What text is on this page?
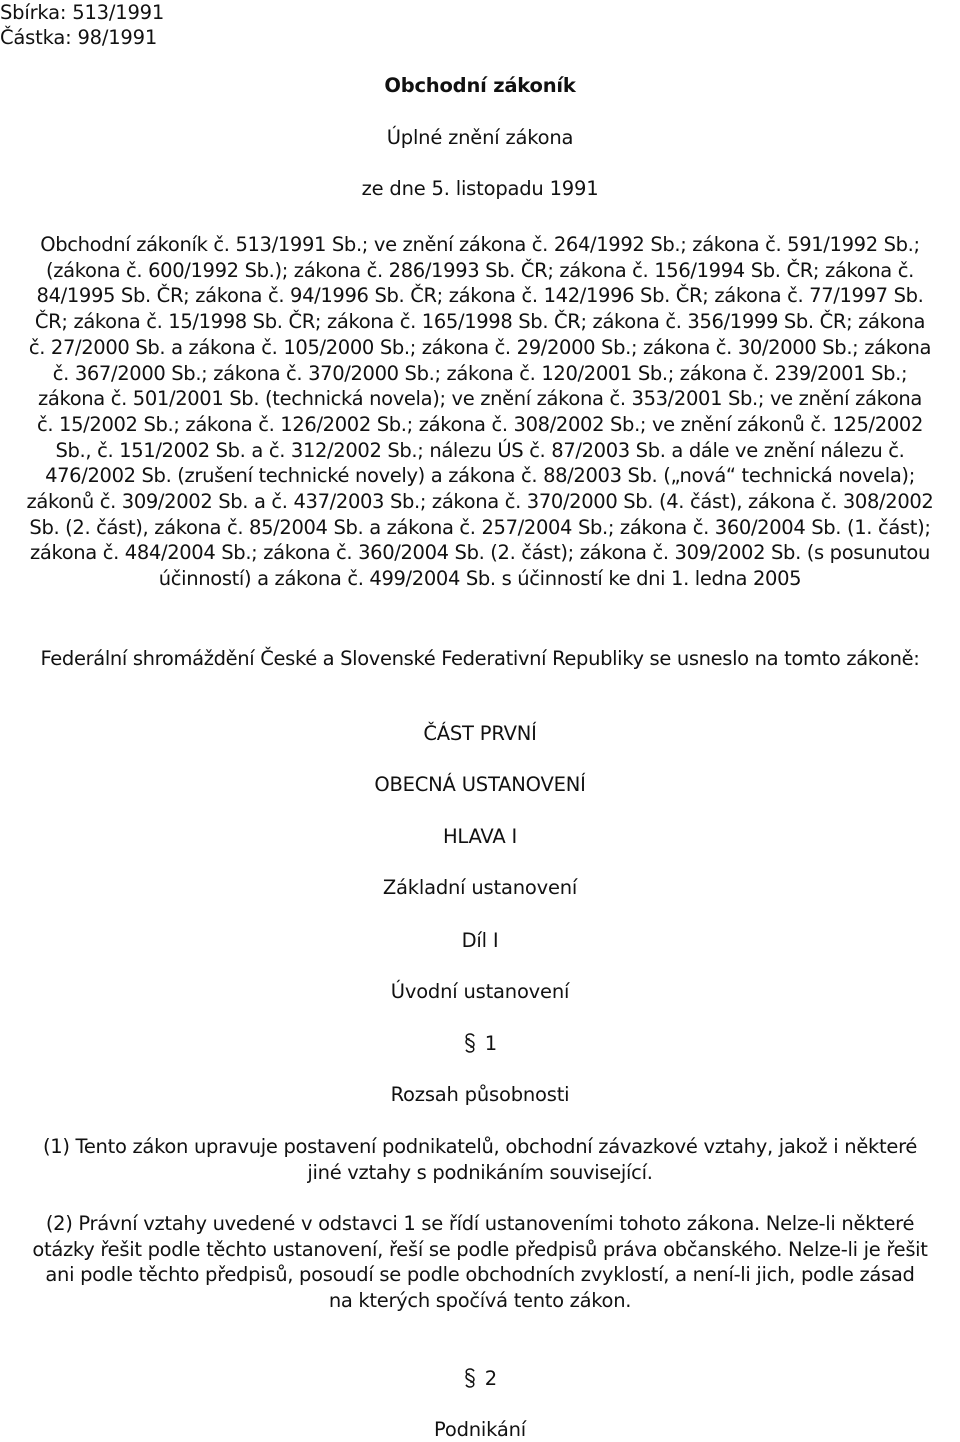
Sbírka: 513/1991
Částka: 98/1991
Obchodní zákoník
Úplné znění zákona
ze dne 5. listopadu 1991
Obchodní zákoník č. 513/1991 Sb.; ve znění zákona č. 264/1992 Sb.; zákona č. 591/1992 Sb.;
(zákona č. 600/1992 Sb.); zákona č. 286/1993 Sb. ČR; zákona č. 156/1994 Sb. ČR; zákona č.
84/1995 Sb. ČR; zákona č. 94/1996 Sb. ČR; zákona č. 142/1996 Sb. ČR; zákona č. 77/1997 Sb.
ČR; zákona č. 15/1998 Sb. ČR; zákona č. 165/1998 Sb. ČR; zákona č. 356/1999 Sb. ČR; zákona
č. 27/2000 Sb. a zákona č. 105/2000 Sb.; zákona č. 29/2000 Sb.; zákona č. 30/2000 Sb.; zákona
č. 367/2000 Sb.; zákona č. 370/2000 Sb.; zákona č. 120/2001 Sb.; zákona č. 239/2001 Sb.;
zákona č. 501/2001 Sb. (technická novela); ve znění zákona č. 353/2001 Sb.; ve znění zákona
č. 15/2002 Sb.; zákona č. 126/2002 Sb.; zákona č. 308/2002 Sb.; ve znění zákonů č. 125/2002
Sb., č. 151/2002 Sb. a č. 312/2002 Sb.; nálezu ÚS č. 87/2003 Sb. a dále ve znění nálezu č.
476/2002 Sb. (zrušení technické novely) a zákona č. 88/2003 Sb. („nová“ technická novela);
zákonů č. 309/2002 Sb. a č. 437/2003 Sb.; zákona č. 370/2000 Sb. (4. část), zákona č. 308/2002
Sb. (2. část), zákona č. 85/2004 Sb. a zákona č. 257/2004 Sb.; zákona č. 360/2004 Sb. (1. část);
zákona č. 484/2004 Sb.; zákona č. 360/2004 Sb. (2. část); zákona č. 309/2002 Sb. (s posunutou
účinností) a zákona č. 499/2004 Sb. s účinností ke dni 1. ledna 2005
Federální shromáždění České a Slovenské Federativní Republiky se usneslo na tomto zákoně:
ČÁST PRVNÍ
OBECNÁ USTANOVENÍ
HLAVA I
Základní ustanovení
Díl I
Úvodní ustanovení
1
Rozsah působnosti
(1) Tento zákon upravuje postavení podnikatelů, obchodní závazkové vztahy, jakož i některé
jiné vztahy s podnikáním související.
(2) Právní vztahy uvedené v odstavci 1 se řídí ustanoveními tohoto zákona. Nelze-li některé
otázky řešit podle těchto ustanovení, řeší se podle předpisů práva občanského. Nelze-li je řešit
ani podle těchto předpisů, posoudí se podle obchodních zvyklostí, a není-li jich, podle zásad
na kterých spočívá tento zákon.
2
Podnikání
